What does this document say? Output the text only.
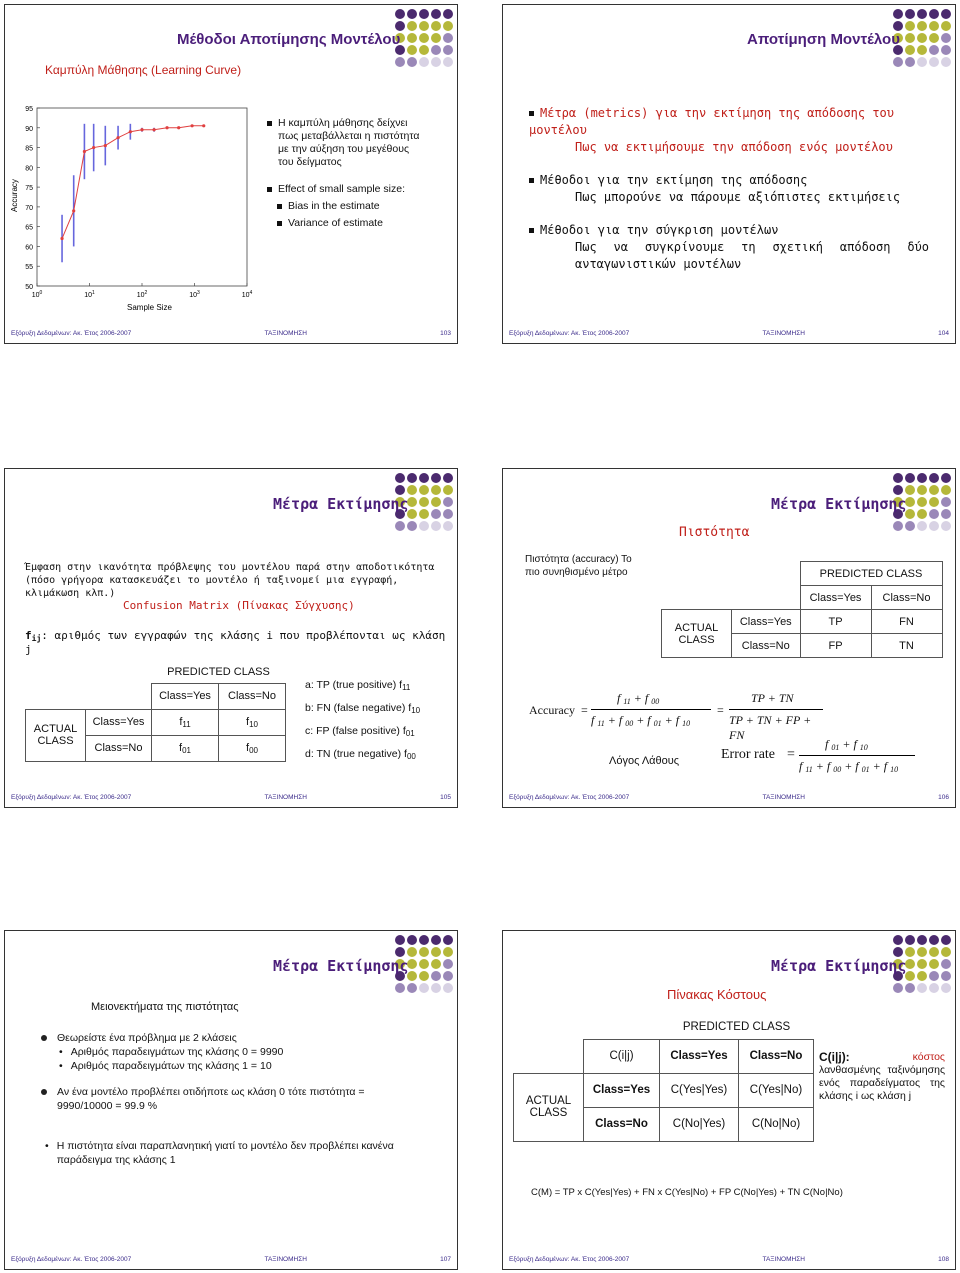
Μέθοδοι Αποτίμησης Μοντέλου
Καμπύλη Μάθησης (Learning Curve)
50
55
60
65
70
75
80
85
90
95
$10^0$	$10^1$	$10^2$	$10^3$	$10^4$
Sample Size
Accuracy
Η καμπύλη μάθησης δείχνει πως μεταβάλλεται η πιστότητα με την αύξηση του μεγέθους του δείγματος
Effect of small sample size:
Bias in the estimate
Variance of estimate
Εξόρυξη Δεδομένων: Ακ. Έτος 2006-2007	ΤΑΞΙΝΟΜΗΣΗ	103
Αποτίμηση Μοντέλου
Μέτρα (metrics) για την εκτίμηση της απόδοσης του μοντέλου
Πως να εκτιμήσουμε την απόδοση ενός μοντέλου
Μέθοδοι για την εκτίμηση της απόδοσης
Πως μπορούνε να πάρουμε αξιόπιστες εκτιμήσεις
Μέθοδοι για την σύγκριση μοντέλων
Πως να συγκρίνουμε τη σχετική απόδοση δύο ανταγωνιστικών μοντέλων
Εξόρυξη Δεδομένων: Ακ. Έτος 2006-2007	ΤΑΞΙΝΟΜΗΣΗ	104
Μέτρα Εκτίμησης
Έμφαση στην ικανότητα πρόβλεψης του μοντέλου παρά στην αποδοτικότητα (πόσο γρήγορα κατασκευάζει το μοντέλο ή ταξινομεί μια εγγραφή, κλιμάκωση κλπ.)
Confusion Matrix (Πίνακας Σύγχυσης)
$f_{ij}$: αριθμός των εγγραφών της κλάσης i που προβλέπονται ως κλάση j
		PREDICTED CLASS	
		Class=Yes	Class=No
ACTUAL CLASS	Class=Yes	$f_{11}$	$f_{10}$
	Class=No	$f_{01}$	$f_{00}$
a: TP (true positive) $f_{11}$
b: FN (false negative) $f_{10}$
c: FP (false positive) $f_{01}$
d: TN (true negative) $f_{00}$
Εξόρυξη Δεδομένων: Ακ. Έτος 2006-2007	ΤΑΞΙΝΟΜΗΣΗ	105
Μέτρα Εκτίμησης
Πιστότητα
Πιστότητα (accuracy) Το πιο συνηθισμένο μέτρο
			PREDICTED CLASS	
		Class=Yes	Class=No
ACTUAL CLASS	Class=Yes	TP	FN
	Class=No	FP	TN
Accuracy =
f $_{11}$ + f $_{00}$
f $_{11}$ + f $_{00}$ + f $_{01}$ + f $_{10}$
=
TP + TN
TP + TN + FP + FN
Λόγος Λάθους	Error rate =
f $_{01}$ + f $_{10}$
f $_{11}$ + f $_{00}$ + f $_{01}$ + f $_{10}$
Εξόρυξη Δεδομένων: Ακ. Έτος 2006-2007	ΤΑΞΙΝΟΜΗΣΗ	106
Μέτρα Εκτίμησης
Μειονεκτήματα της πιστότητας
Θεωρείστε ένα πρόβλημα με 2 κλάσεις
• Αριθμός παραδειγμάτων της κλάσης 0 = 9990
• Αριθμός παραδειγμάτων της κλάσης 1 = 10
Αν ένα μοντέλο προβλέπει οτιδήποτε ως κλάση 0 τότε πιστότητα = 9990/10000 = 99.9 %
• Η πιστότητα είναι παραπλανητική γιατί το μοντέλο δεν προβλέπει κανένα παράδειγμα της κλάσης 1
Εξόρυξη Δεδομένων: Ακ. Έτος 2006-2007	ΤΑΞΙΝΟΜΗΣΗ	107
Μέτρα Εκτίμησης
Πίνακας Κόστους
		PREDICTED CLASS	
	C(i|j)	Class=Yes	Class=No
ACTUAL CLASS	Class=Yes	C(Yes|Yes)	C(Yes|No)
	Class=No	C(No|Yes)	C(No|No)
C(i|j):	κόστος
λανθασμένης ταξινόμησης ενός παραδείγματος της κλάσης i ως κλάση j
C(M) = TP x C(Yes|Yes) + FN x C(Yes|No) + FP C(No|Yes) + TN C(No|No)
Εξόρυξη Δεδομένων: Ακ. Έτος 2006-2007	ΤΑΞΙΝΟΜΗΣΗ	108
